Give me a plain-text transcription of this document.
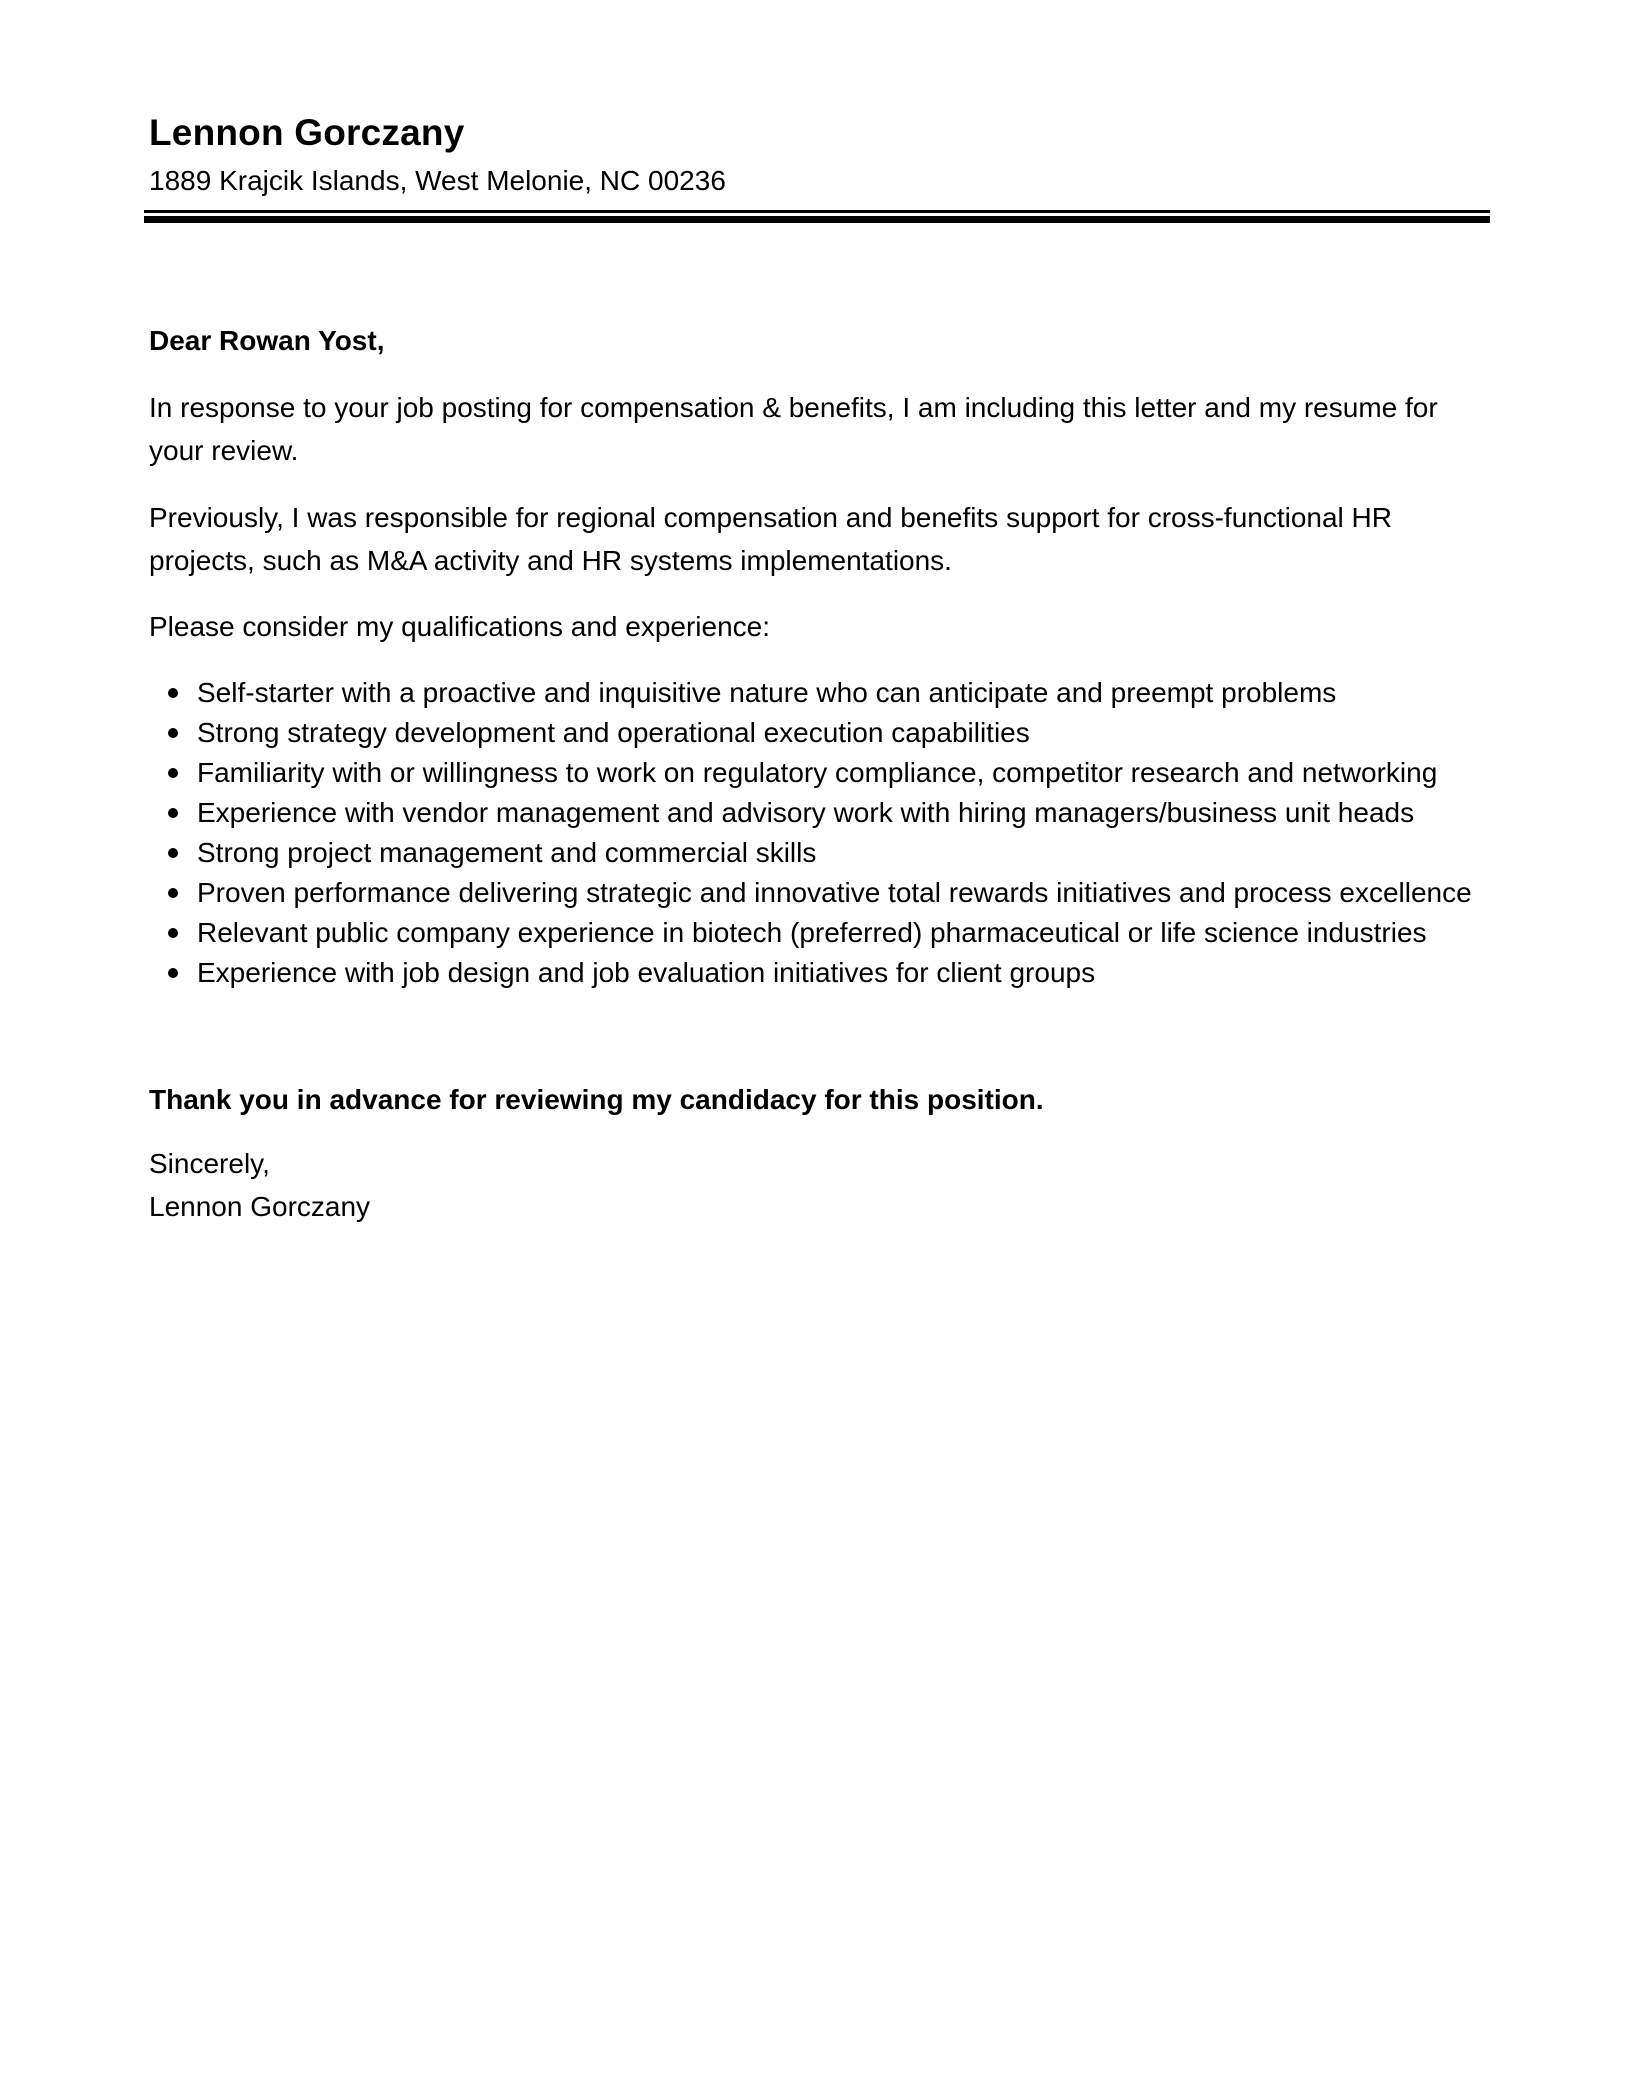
Lennon Gorczany
1889 Krajcik Islands, West Melonie, NC 00236
Dear Rowan Yost,
In response to your job posting for compensation & benefits, I am including this letter and my resume for your review.
Previously, I was responsible for regional compensation and benefits support for cross-functional HR projects, such as M&A activity and HR systems implementations.
Please consider my qualifications and experience:
Self-starter with a proactive and inquisitive nature who can anticipate and preempt problems
Strong strategy development and operational execution capabilities
Familiarity with or willingness to work on regulatory compliance, competitor research and networking
Experience with vendor management and advisory work with hiring managers/business unit heads
Strong project management and commercial skills
Proven performance delivering strategic and innovative total rewards initiatives and process excellence
Relevant public company experience in biotech (preferred) pharmaceutical or life science industries
Experience with job design and job evaluation initiatives for client groups
Thank you in advance for reviewing my candidacy for this position.
Sincerely,
Lennon Gorczany
